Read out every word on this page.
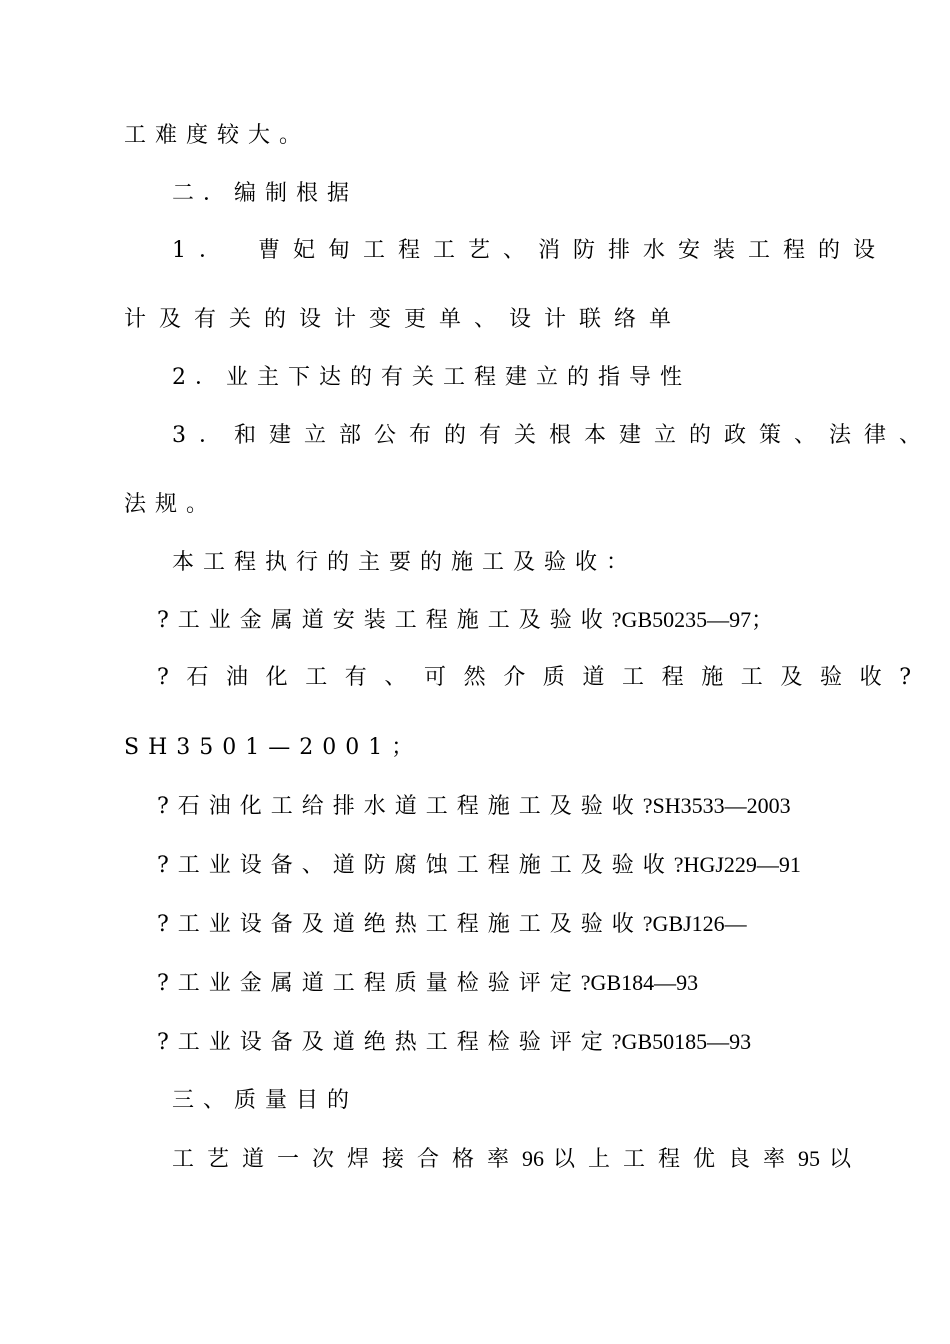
工难度较大。
二．编制根据
1．　曹妃甸工程工艺、消防排水安装工程的设
计及有关的设计变更单、设计联络单
2．业主下达的有关工程建立的指导性
3．和建立部公布的有关根本建立的政策、法律、
法规。
本工程执行的主要的施工及验收：
?工业金属道安装工程施工及验收?GB50235—97；
?石油化工有、可然介质道工程施工及验收?
SH3501—2001；
?石油化工给排水道工程施工及验收?SH3533—2003
?工业设备、道防腐蚀工程施工及验收?HGJ229—91
?工业设备及道绝热工程施工及验收?GBJ126—
?工业金属道工程质量检验评定?GB184—93
?工业设备及道绝热工程检验评定?GB50185—93
三、质量目的
工艺道一次焊接合格率96 以上工程优良率95 以
